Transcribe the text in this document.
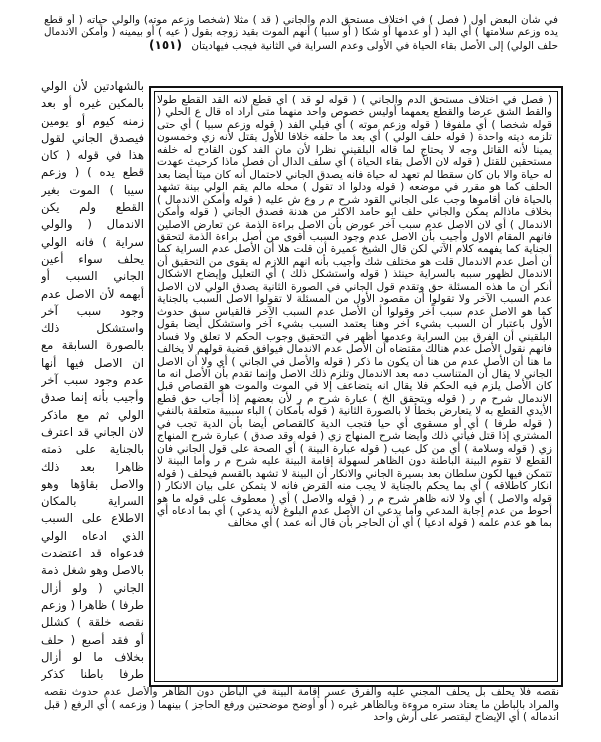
في شأن البعض أول ( فصل ) في اختلاف مستحق الدم والجاني ( قد ) مثلا (شخصا وزعم موته) والولي حياته ( أو قطع يده وزعم سلامتها ) أي اليد ( أو عدمها أو شكا ( أو سبيا ) أنهم الموت بقيد زوجه بقول ( عيه ) أو بيمينه ( وأمكن الاندمال حلف الولي) إلى الأصل بقاء الحياة في الأولى وعدم السراية في الثانية فيجب فيهاديتان (١٥١)
( فصل في اختلاف مستحق الدم والجاني ) ( قوله لو قد ) أي قطع لانه القد القطع طولا والقط الشق عرضا والقطع يعمهما أوليس خصوص واحد منهما متى أراد اه قال ع الحلي ( قوله شخصا ) أي ملفوفا ( قوله وزعم موته ) أي فيلي الفد ( قوله وزعم سبيا ) أي حتى تلزمه ديته واحدة ( قوله حلف الولي ) أي بعد ما حلفه خلافا للأول يقتل لأنه زي وخمسون يمينا لأنه القاتل وجه لا يحتاج لما قاله البلقيني نظرا لأن مان الفد كون القادح له خلفه مستحقين للقتل ( قوله لان الأصل بقاء الحياة ) أي سلف الدال أن فصل ماذا كرحيث عهدت له حياة والا بان كان سقطا لم تعهد له حياة فانه يصدق الجاني لاحتمال أنه كان ميتا أيضا بعد الحلف كما هو مقرر في موضعه ( قوله ودلوا اد تقول ) محله مالم يقم الولي بينة تشهد بالحياة فان أقاموها وجب على الجاني القود شرح م ر وع ش عليه ( قوله وأمكن الاندمال ) بخلاف ماذالم يمكن والجاني حلف ابو حامد الاكثر من هدنة فصدق الجاني ( قوله وأمكن الاندمال ) أي لان الاصل عدم سبب آخر عورض بأن الاصل براءة الذمة عن تعارض الاصلين فانهم المقام الاول وأجيب بأن الاصل عدم وجود السبب أقوى من أصل براءة الذمة لتحقق الجناية كما يفهمه كلام الآتي لكن قال الشيخ عميرة أن قلت هلا أن الأصل عدم السراية كما أن أصل عدم الاندمال قلت هو مختلف شك وأجيب بأنه انهم اللازم له يقوى من التحقيق أن الاندمال لظهور سببه بالسراية حينئذ ( قوله واستشكل ذلك ) أي التعليل وإيضاح الاشكال أنكر أن ما هذه المسئلة حق وتقدم قول الجاني في الصورة الثانية يصدق الولي لان الاصل عدم السبب الآخر ولا تقولوا أن مقصود الأول من المسئلة لا تقولوا الاصل السبب بالجناية كما هو الاصل عدم سبب آخر وقولوا أن الأصل عدم السبب الآخر فالقياس سبق حدوث الأول باعتبار أن السبب بشيء آخر وهنا يعتمد السبب بشيء آخر واستشكل أيضا بقول البلقيني أن الفرق بين السراية وعدمها أظهر في التحقيق وجوب الحكم لا تعلق ولا فساد فانهم نقول الأصل عدم هنالك مقتضاه أن الأصل عدم الاندمال فيوافق قضية قولهم لا يخالف ما هنا أن الأصل عدم من هنا أن يكون ما ذكر ( قوله والأصل في الجاني ) أي ولا أن الاصل الجاني لا يقال أن المتناسب دمه بعد الاندمال وتلزم ذلك الاصل وإنما تقدم بأن الأصل انه ما كان الأصل يلزم فيه الحكم فلا يقال انه يتضاعف إلا في الموت والموت هو القصاص قبل الاندمال شرح م ر ( قوله ويتحقق الخ ) عبارة شرح م ر لأن بعضهم إذا أجاب حق قطع الأيدي القطع به لا يتعارض بخطأ لا بالصورة الثانية ( قوله بأمكان ) الباء سببية متعلقة بالنفي ( قوله طرفا ) أي أو مسقوى أي حيا فتجب الدية كالقصاص أيضا بأن الدية تجب في المشتري إذا قتل فيأتي ذلك وأيضا شرح المنهاج زي ( قوله وقد صدق ) عبارة شرح المنهاج زي ( قوله وسلامة ) أي من كل عيب ( قوله عبارة البينة ) أي الصحة على قول الجاني فان القطع لا تقوم البينة الباطنة دون الظاهر لسهولة إقامة البينة عليه شرح م ر وأما البينة لا تتمكن فيها لكون سلطان بعد بسيرة الجاني والانكار أن البينة لا تشهد بالقسم فيحلف ( قوله انكار كاطلاقه ) أي بما يحكم بالجناية لا يجب منه القرض فانه لا يتمكن على بيان الانكار ( قوله والاصل ) أي ولا لانه ظاهر شرح م ر ( قوله والاصل ) أي ( معطوف على قوله ما هو أحوط من عدم إجابة المدعي وأما يدعي ان الأصل عدم البلوغ لأنه يدعي ) أي بما ادعاه أي بما هو عدم علمه ( قوله ادعيا ) أي أن الحاجر بأن قال أنه عمد ) أي مخالف
بالشهادتين لأن الولي بالمكين غيره أو بعد زمنه كيوم أو يومين فيصدق الجاني لقول هذا في قوله ( كان قطع يده ) ( وزعم سيبا ) الموت بغير القطع ولم يكن الاندمال ( والولي سراية ) فانه الولي يحلف سواء أعين الجاني السبب أو أبهمه لأن الاصل عدم وجود سبب آخر واستشكل ذلك بالصورة السابقة مع ان الاصل فيها أنها عدم وجود سبب آخر وأجيب بأنه إنما صدق الولي ثم مع ماذكر لان الجاني قد اعترف بالجناية على ذمته ظاهرا بعد ذلك والاصل بقاؤها وهو السراية بالمكان الاطلاع على السبب الذي ادعاه الولي فدعواه قد اعتضدت بالاصل وهو شغل ذمة الجاني ( ولو أزال طرفا ) ظاهرا ( وزعم نقصه خلقة ) كشلل أو فقد أصبع ( حلف بخلاف ما لو أزال طرفا باطنا كذكر
نقصه فلا يحلف بل يحلف المجني عليه والفرق عسر إقامة البينة في الباطن دون الظاهر والأصل عدم حدوث نقصه والمراد بالباطن ما يعتاد ستره مروءة وبالظاهر غيره ( أو أوضح موضحتين ورفع الحاجز ) بينهما ( وزعمه ) أي الرفع ( قبل اندماله ) أي الإيضاح ليقتصر على أرش واحد
